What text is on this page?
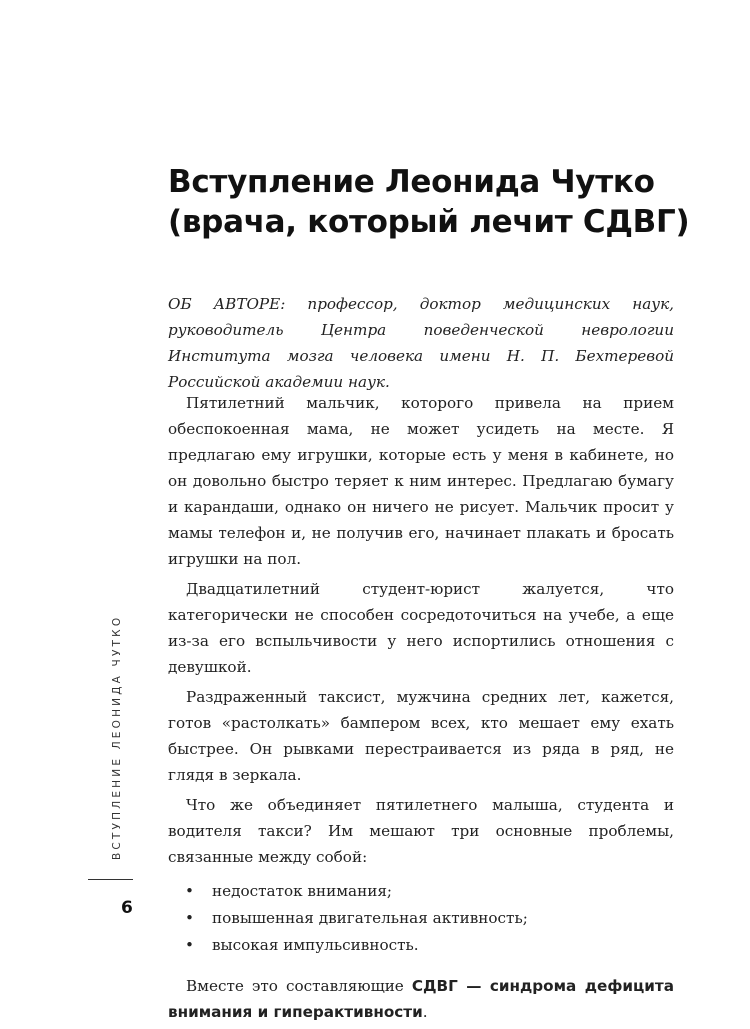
Вступление Леонида Чутко
(врача, который лечит СДВГ)
ОБ АВТОРЕ: профессор, доктор медицинских наук, руководитель Центра поведенческой неврологии Института мозга человека имени Н. П. Бехтеревой Российской академии наук.

Пятилетний мальчик, которого привела на прием обеспокоенная мама, не может усидеть на месте. Я предлагаю ему игрушки, которые есть у меня в кабинете, но он довольно быстро теряет к ним интерес. Предлагаю бумагу и карандаши, однако он ничего не рисует. Мальчик просит у мамы телефон и, не получив его, начинает плакать и бросать игрушки на пол.

Двадцатилетний студент-юрист жалуется, что категорически не способен сосредоточиться на учебе, а еще из-за его вспыльчивости у него испортились отношения с девушкой.

Раздраженный таксист, мужчина средних лет, кажется, готов «растолкать» бампером всех, кто мешает ему ехать быстрее. Он рывками перестраивается из ряда в ряд, не глядя в зеркала.

Что же объединяет пятилетнего малыша, студента и водителя такси? Им мешают три основные проблемы, связанные между собой:

• недостаток внимания;
• повышенная двигательная активность;
• высокая импульсивность.

Вместе это составляющие СДВГ — синдрома дефицита внимания и гиперактивности.

ВСТУПЛЕНИЕ ЛЕОНИДА ЧУТКО
6
